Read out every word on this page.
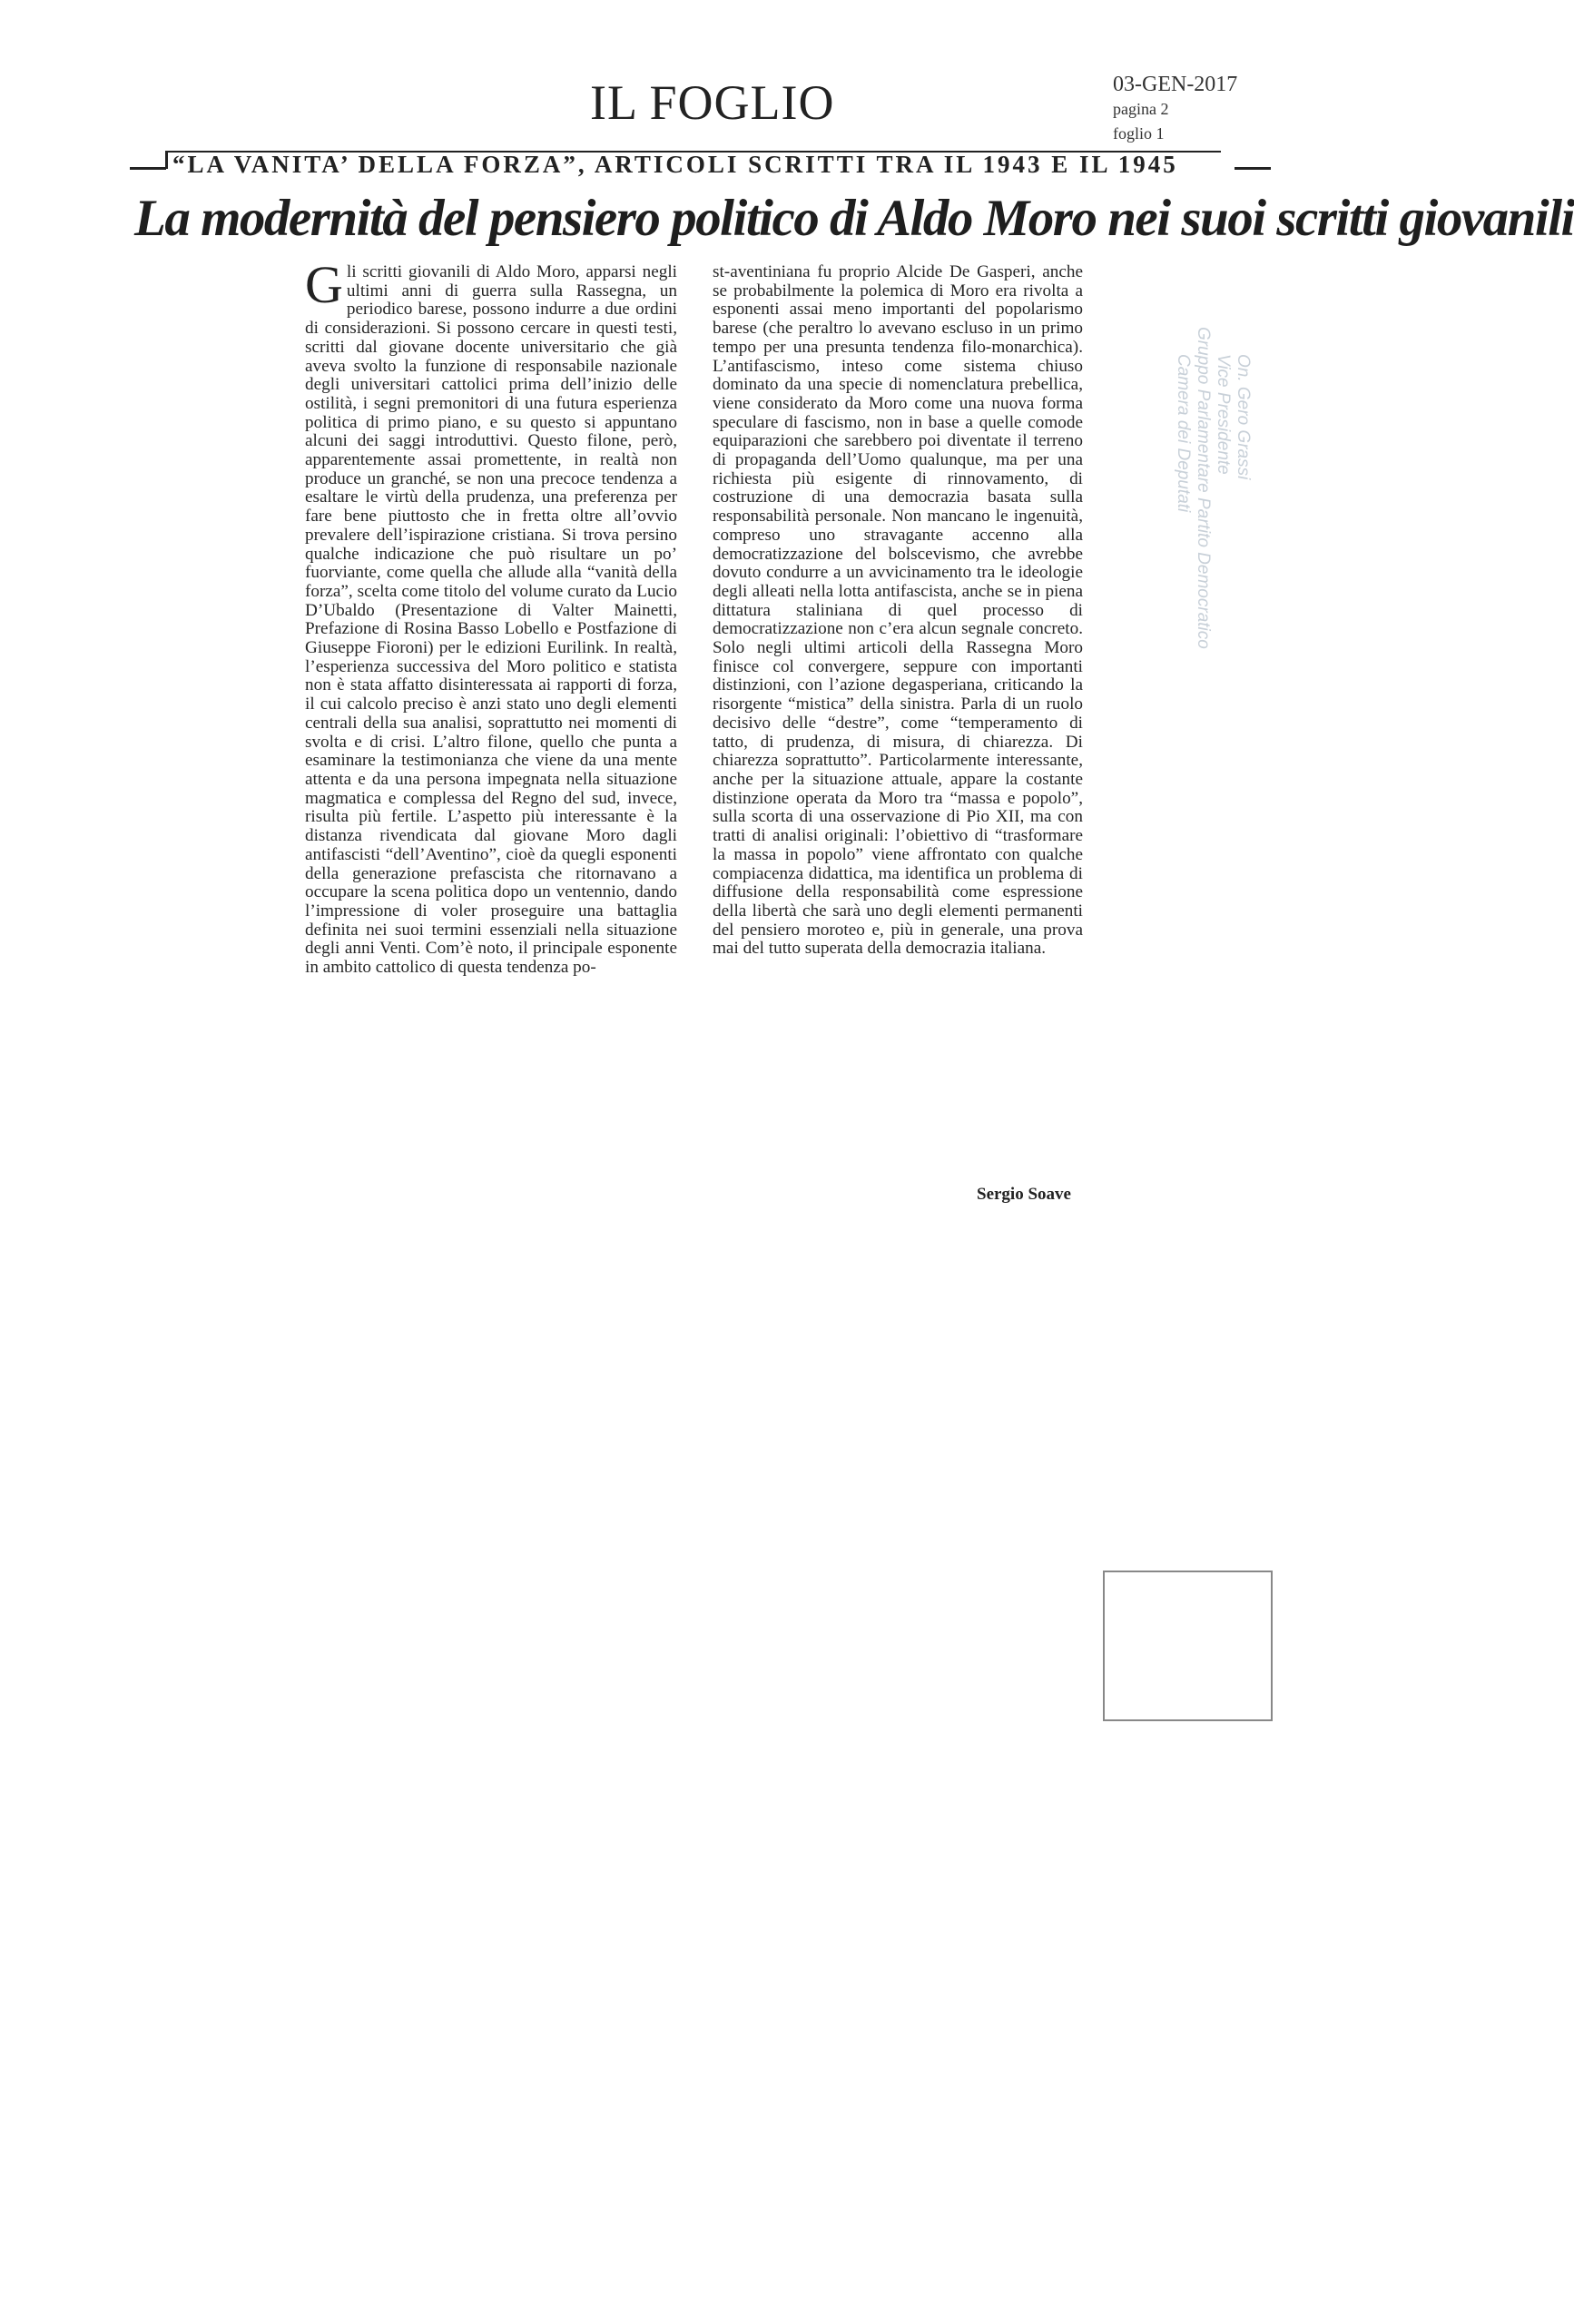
IL FOGLIO	03-GEN-2017
pagina 2
foglio 1
“LA VANITA’ DELLA FORZA”, ARTICOLI SCRITTI TRA IL 1943 E IL 1945
La modernità del pensiero politico di Aldo Moro nei suoi scritti giovanili

Gli scritti giovanili di Aldo Moro, apparsi negli ultimi anni di guerra sulla Rassegna, un periodico barese, possono indurre a due ordini di considerazioni. Si possono cercare in questi testi, scritti dal giovane docente universitario che già aveva svolto la funzione di responsabile nazionale degli universitari cattolici prima dell’inizio delle ostilità, i segni premonitori di una futura esperienza politica di primo piano, e su questo si appuntano alcuni dei saggi introduttivi. Questo filone, però, apparentemente assai promettente, in realtà non produce un granché, se non una precoce tendenza a esaltare le virtù della prudenza, una preferenza per fare bene piuttosto che in fretta oltre all’ovvio prevalere dell’ispirazione cristiana. Si trova persino qualche indicazione che può risultare un po’ fuorviante, come quella che allude alla “vanità della forza”, scelta come titolo del volume curato da Lucio D’Ubaldo (Presentazione di Valter Mainetti, Prefazione di Rosina Basso Lobello e Postfazione di Giuseppe Fioroni) per le edizioni Eurilink. In realtà, l’esperienza successiva del Moro politico e statista non è stata affatto disinteressata ai rapporti di forza, il cui calcolo preciso è anzi stato uno degli elementi centrali della sua analisi, soprattutto nei momenti di svolta e di crisi. L’altro filone, quello che punta a esaminare la testimonianza che viene da una mente attenta e da una persona impegnata nella situazione magmatica e complessa del Regno del sud, invece, risulta più fertile. L’aspetto più interessante è la distanza rivendicata dal giovane Moro dagli antifascisti “dell’Aventino”, cioè da quegli esponenti della generazione prefascista che ritornavano a occupare la scena politica dopo un ventennio, dando l’impressione di voler proseguire una battaglia definita nei suoi termini essenziali nella situazione degli anni Venti. Com’è noto, il principale esponente in ambito cattolico di questa tendenza po-

st-aventiniana fu proprio Alcide De Gasperi, anche se probabilmente la polemica di Moro era rivolta a esponenti assai meno importanti del popolarismo barese (che peraltro lo avevano escluso in un primo tempo per una presunta tendenza filo-monarchica). L’antifascismo, inteso come sistema chiuso dominato da una specie di nomenclatura prebellica, viene considerato da Moro come una nuova forma speculare di fascismo, non in base a quelle comode equiparazioni che sarebbero poi diventate il terreno di propaganda dell’Uomo qualunque, ma per una richiesta più esigente di rinnovamento, di costruzione di una democrazia basata sulla responsabilità personale. Non mancano le ingenuità, compreso uno stravagante accenno alla democratizzazione del bolscevismo, che avrebbe dovuto condurre a un avvicinamento tra le ideologie degli alleati nella lotta antifascista, anche se in piena dittatura staliniana di quel processo di democratizzazione non c’era alcun segnale concreto. Solo negli ultimi articoli della Rassegna Moro finisce col convergere, seppure con importanti distinzioni, con l’azione degasperiana, criticando la risorgente “mistica” della sinistra. Parla di un ruolo decisivo delle “destre”, come “temperamento di tatto, di prudenza, di misura, di chiarezza. Di chiarezza soprattutto”. Particolarmente interessante, anche per la situazione attuale, appare la costante distinzione operata da Moro tra “massa e popolo”, sulla scorta di una osservazione di Pio XII, ma con tratti di analisi originali: l’obiettivo di “trasformare la massa in popolo” viene affrontato con qualche compiacenza didattica, ma identifica un problema di diffusione della responsabilità come espressione della libertà che sarà uno degli elementi permanenti del pensiero moroteo e, più in generale, una prova mai del tutto superata della democrazia italiana.

Sergio Soave
On. Gero Grassi
Vice Presidente
Gruppo Parlamentare Partito Democratico
Camera dei Deputati
